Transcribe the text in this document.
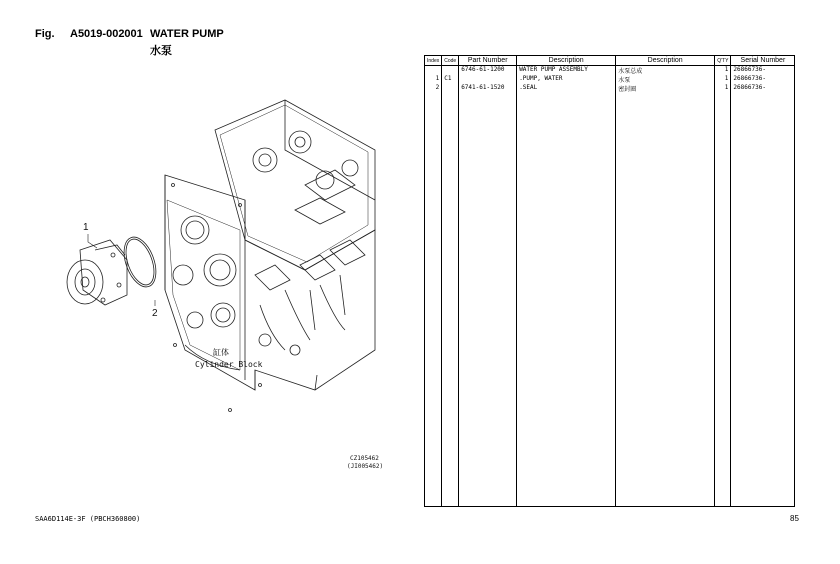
Fig. A5019-002001 WATER PUMP
水泵
1
2
缸体
Cylinder Block
CZ105462
(JI005462)
Index	Code	Part Number	Description	Description	Q'TY	Serial Number
		6746-61-1200	WATER PUMP ASSEMBLY	水泵总成	1	26866736-
1	C1		.PUMP, WATER	水泵	1	26866736-
2		6741-61-1520	.SEAL	密封圈	1	26866736-

SAA6D114E-3F (PBCH360800)	85
